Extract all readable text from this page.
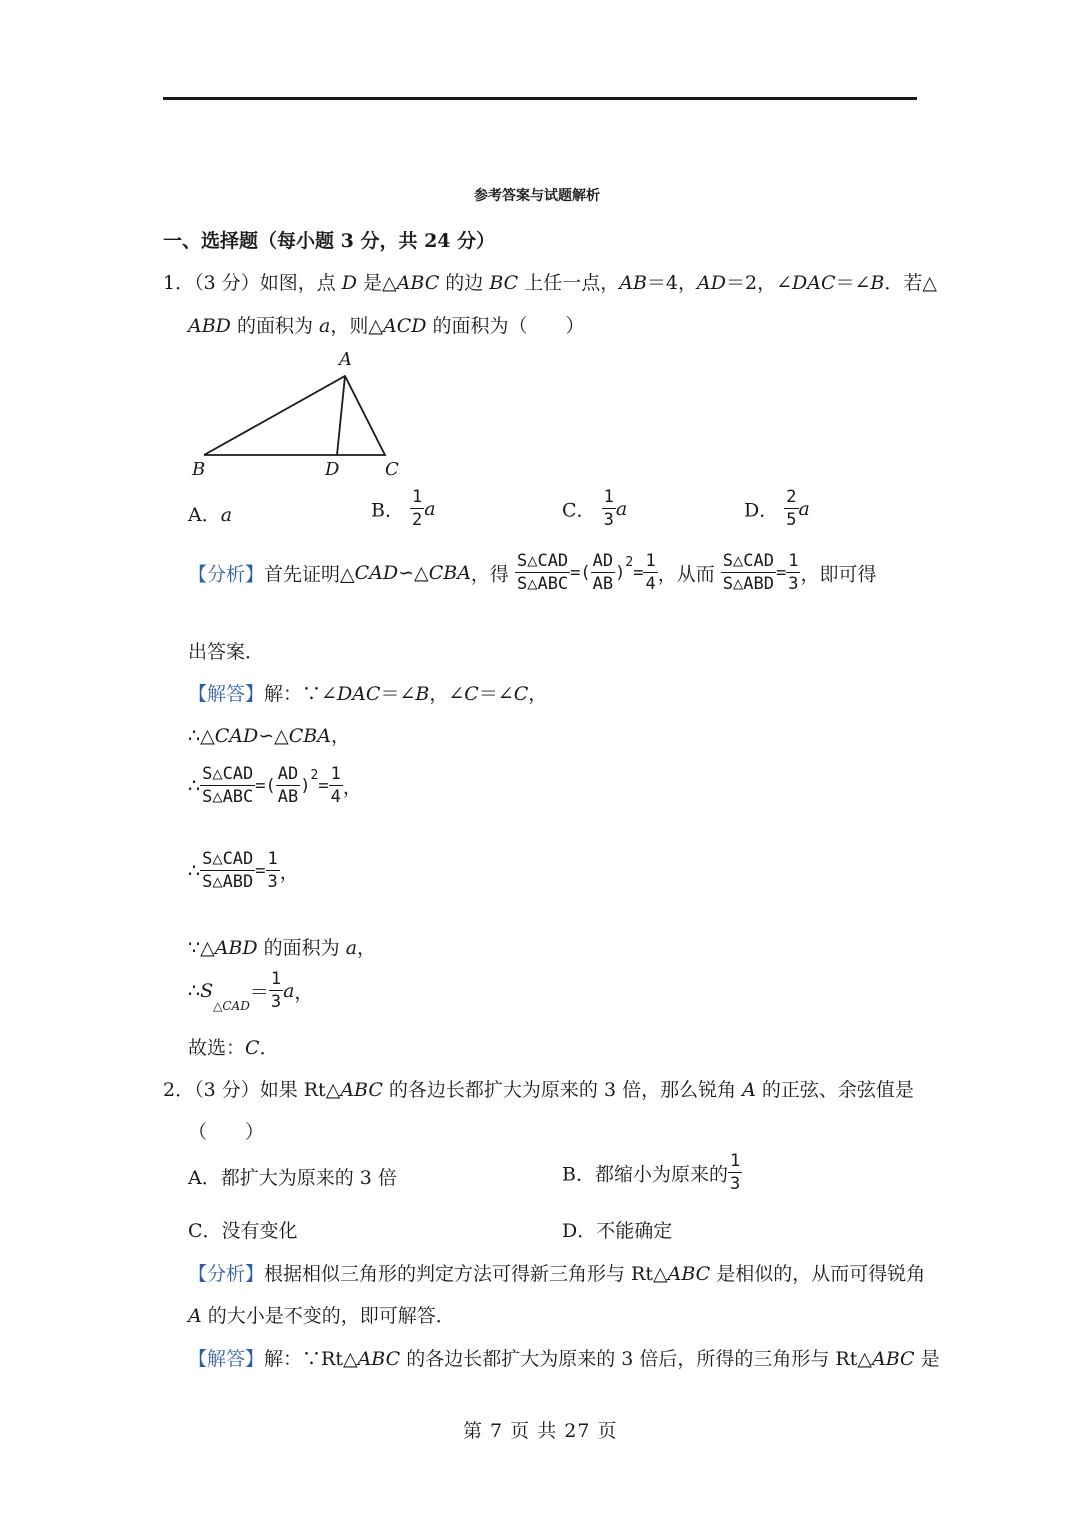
参考答案与试题解析
一、选择题（每小题 3 分，共 24 分）
1．（3 分）如图，点 D 是△ABC 的边 BC 上任一点，AB＝4，AD＝2，∠DAC＝∠B．若△
ABD 的面积为 a，则△ACD 的面积为（　　）
A
B	D	C
A．a	B． $\frac{1}{2}$ a	C． $\frac{1}{3}$ a	D． $\frac{2}{5}$ a
【分析】首先证明△CAD∽△CBA，得 $\frac{\text{S△CAD}}{\text{S△ABC}}$ =( $\frac{AD}{AB} )^2= \frac{1}{4}$ ，从而 $\frac{\text{S△CAD}}{\text{S△ABD}} = \frac{1}{3}$ ，即可得
出答案．
【解答】解：∵∠DAC＝∠B，∠C＝∠C，
∴△CAD∽△CBA，
∴ $\frac{\text{S△CAD}}{\text{S△ABC}}$ =( $\frac{AD}{AB} )^2= \frac{1}{4}$ ，
∴ $\frac{\text{S△CAD}}{\text{S△ABD}} = \frac{1}{3}$ ，
∵△ABD 的面积为 a，
$\therefore S_{\triangle CAD}= \frac{1}{3}$ a，
故选：C．
2．（3 分）如果 Rt△ABC 的各边长都扩大为原来的 3 倍，那么锐角 A 的正弦、余弦值是
（　　）
A．都扩大为原来的 3 倍	B．都缩小为原来的 $\frac{1}{3}$
C．没有变化	D．不能确定
【分析】根据相似三角形的判定方法可得新三角形与 Rt△ABC 是相似的，从而可得锐角
A 的大小是不变的，即可解答．
【解答】解：∵Rt△ABC 的各边长都扩大为原来的 3 倍后，所得的三角形与 Rt△ABC 是
第 7 页 共 27 页
